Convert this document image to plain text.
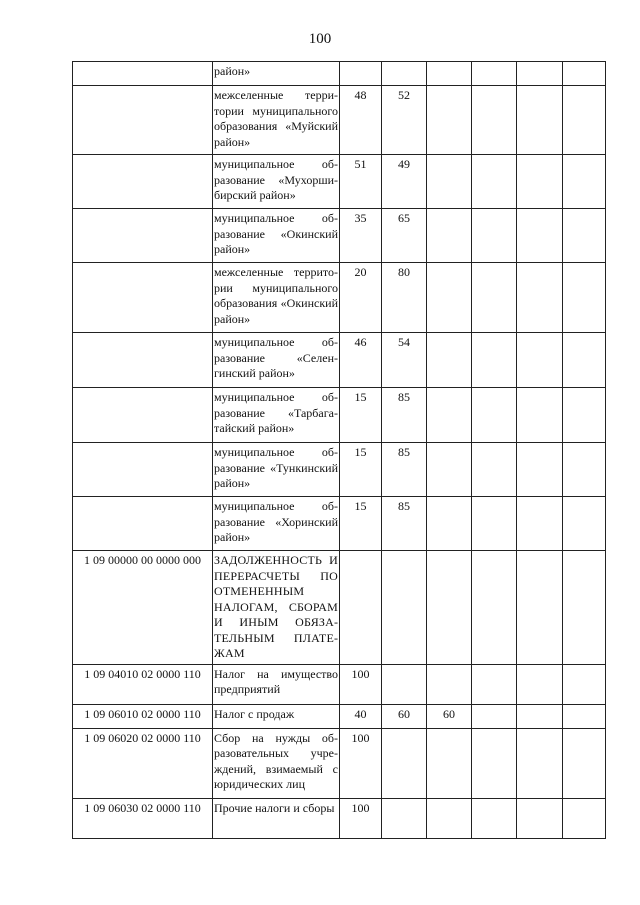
100
	район»						
	межселенные территории муниципального образования «Муйский район»	48	52				
	муниципальное образование «Мухоршибирский район»	51	49				
	муниципальное образование «Окинский район»	35	65				
	межселенные территории муниципального образования «Окинский район»	20	80				
	муниципальное образование «Селенгинский район»	46	54				
	муниципальное образование «Тарбагатайский район»	15	85				
	муниципальное образование «Тункинский район»	15	85				
	муниципальное образование «Хоринский район»	15	85				
1 09 00000 00 0000 000	ЗАДОЛЖЕННОСТЬ И ПЕРЕРАСЧЕТЫ ПО ОТМЕНЕННЫМ НАЛОГАМ, СБОРАМ И ИНЫМ ОБЯЗАТЕЛЬНЫМ ПЛАТЕЖАМ						
1 09 04010 02 0000 110	Налог на имущество предприятий	100					
1 09 06010 02 0000 110	Налог с продаж	40	60	60			
1 09 06020 02 0000 110	Сбор на нужды образовательных учреждений, взимаемый с юридических лиц	100					
1 09 06030 02 0000 110	Прочие налоги и сборы	100					
